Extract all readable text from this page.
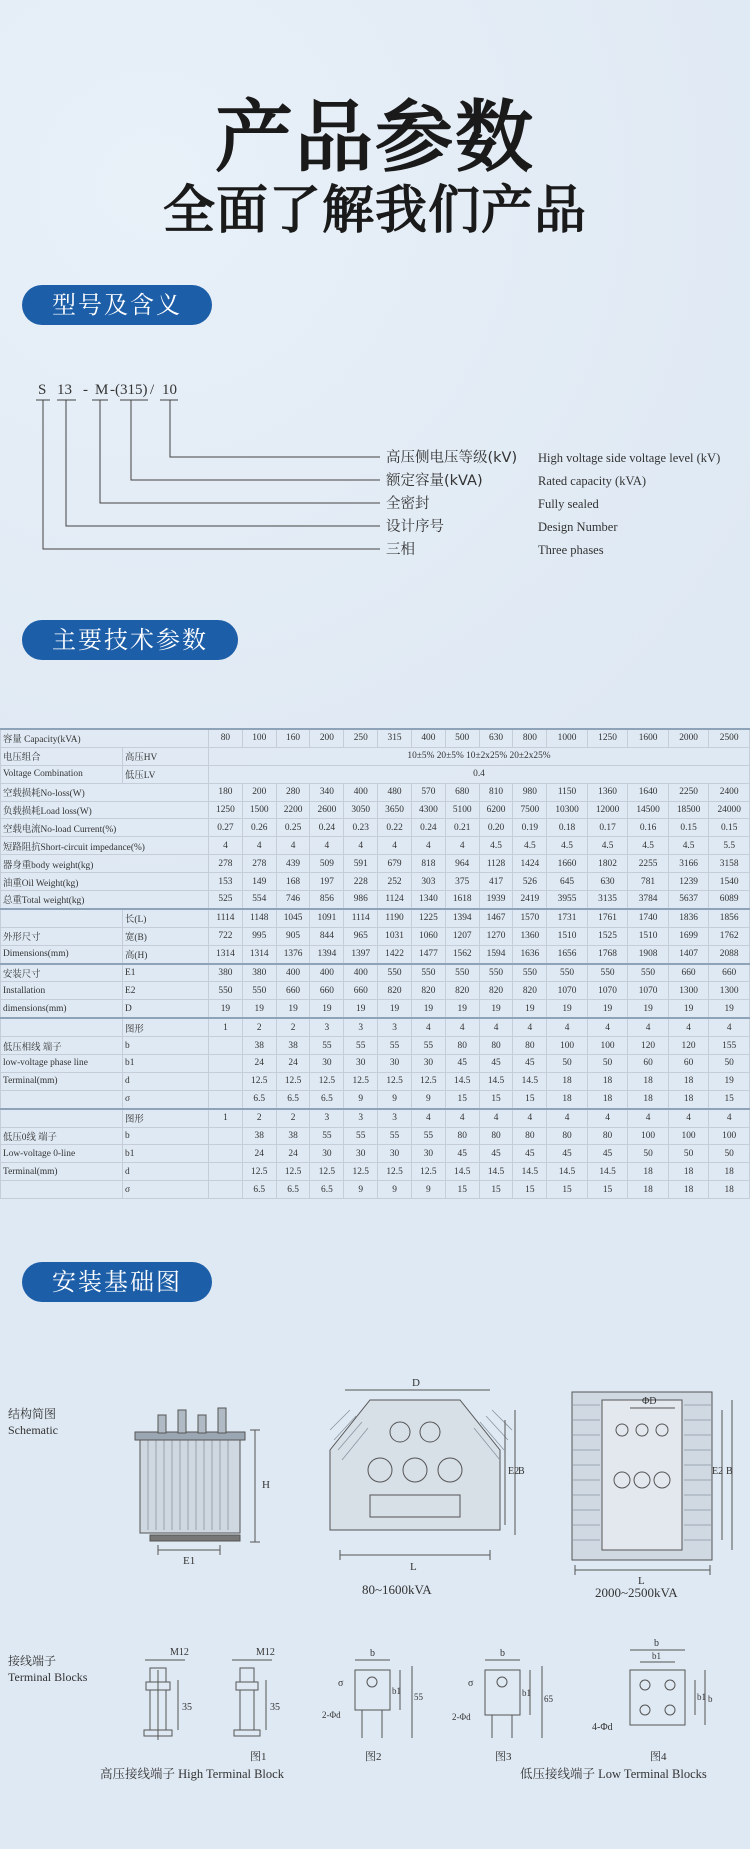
产品参数
全面了解我们产品
型号及含义
主要技术参数
安装基础图
S 13 - M -(315) / 10
高压侧电压等级(kV)
额定容量(kVA)
全密封
设计序号
三相
High voltage side voltage level (kV)
Rated capacity (kVA)
Fully sealed
Design Number
Three phases
容量 Capacity(kVA)		80	100	160	200	250	315	400	500	630	800	1000	1250	1600	2000	2500
电压组合	高压HV	10±5% 20±5% 10±2x25% 20±2x25%														
Voltage Combination	低压LV	0.4														
空载损耗No-loss(W)		180	200	280	340	400	480	570	680	810	980	1150	1360	1640	2250	2400
负载损耗Load loss(W)		1250	1500	2200	2600	3050	3650	4300	5100	6200	7500	10300	12000	14500	18500	24000
空载电流No-load Current(%)		0.27	0.26	0.25	0.24	0.23	0.22	0.24	0.21	0.20	0.19	0.18	0.17	0.16	0.15	0.15
短路阻抗Short-circuit impedance(%)		4	4	4	4	4	4	4	4	4.5	4.5	4.5	4.5	4.5	4.5	5.5
器身重body weight(kg)		278	278	439	509	591	679	818	964	1128	1424	1660	1802	2255	3166	3158
油重Oil Weight(kg)		153	149	168	197	228	252	303	375	417	526	645	630	781	1239	1540
总重Total weight(kg)		525	554	746	856	986	1124	1340	1618	1939	2419	3955	3135	3784	5637	6089
	长(L)	1114	1148	1045	1091	1114	1190	1225	1394	1467	1570	1731	1761	1740	1836	1856
外形尺寸	宽(B)	722	995	905	844	965	1031	1060	1207	1270	1360	1510	1525	1510	1699	1762
Dimensions(mm)	高(H)	1314	1314	1376	1394	1397	1422	1477	1562	1594	1636	1656	1768	1908	1407	2088
安装尺寸	E1	380	380	400	400	400	550	550	550	550	550	550	550	550	660	660
Installation	E2	550	550	660	660	660	820	820	820	820	820	1070	1070	1070	1300	1300
dimensions(mm)	D	19	19	19	19	19	19	19	19	19	19	19	19	19	19	19
	图形	1	2	2	3	3	3	4	4	4	4	4	4	4	4	4
低压相线 端子	b		38	38	55	55	55	55	80	80	80	100	100	120	120	155
low-voltage phase line	b1		24	24	30	30	30	30	45	45	45	50	50	60	60	50
Terminal(mm)	d		12.5	12.5	12.5	12.5	12.5	12.5	14.5	14.5	14.5	18	18	18	18	19
	σ		6.5	6.5	6.5	9	9	9	15	15	15	18	18	18	18	15
	图形	1	2	2	3	3	3	4	4	4	4	4	4	4	4	4
低压0线 端子	b		38	38	55	55	55	55	80	80	80	80	80	100	100	100
Low-voltage 0-line	b1		24	24	30	30	30	30	45	45	45	45	45	50	50	50
Terminal(mm)	d		12.5	12.5	12.5	12.5	12.5	12.5	14.5	14.5	14.5	14.5	14.5	18	18	18
	σ		6.5	6.5	6.5	9	9	9	15	15	15	15	15	18	18	18
结构简图
Schematic
H
E1
D
E2
B
L
80~1600kVA
ΦD
E2 B
L
2000~2500kVA
接线端子
Terminal Blocks
M12
35
M12
35
图1
b
σ
b1
55
2-Φd
图2
b
σ
b1
65
2-Φd
图3
b
b1
b1 b
4-Φd
图4
高压接线端子 High Terminal Block	低压接线端子 Low Terminal Blocks
